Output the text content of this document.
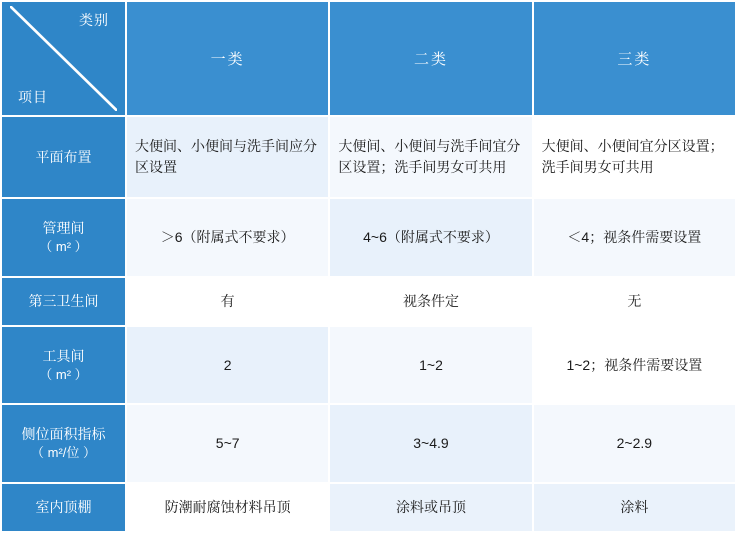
类别
项目	一类	二类	三类
平面布置	大便间、小便间与洗手间应分区设置	大便间、小便间与洗手间宜分区设置；洗手间男女可共用	大便间、小便间宜分区设置；洗手间男女可共用
管理间
（ m² ）	＞6（附属式不要求）	4~6（附属式不要求）	＜4；视条件需要设置
第三卫生间	有	视条件定	无
工具间
（ m² ）	2	1~2	1~2；视条件需要设置
侧位面积指标
（ m²/位 ）	5~7	3~4.9	2~2.9
室内顶棚	防潮耐腐蚀材料吊顶	涂料或吊顶	涂料
